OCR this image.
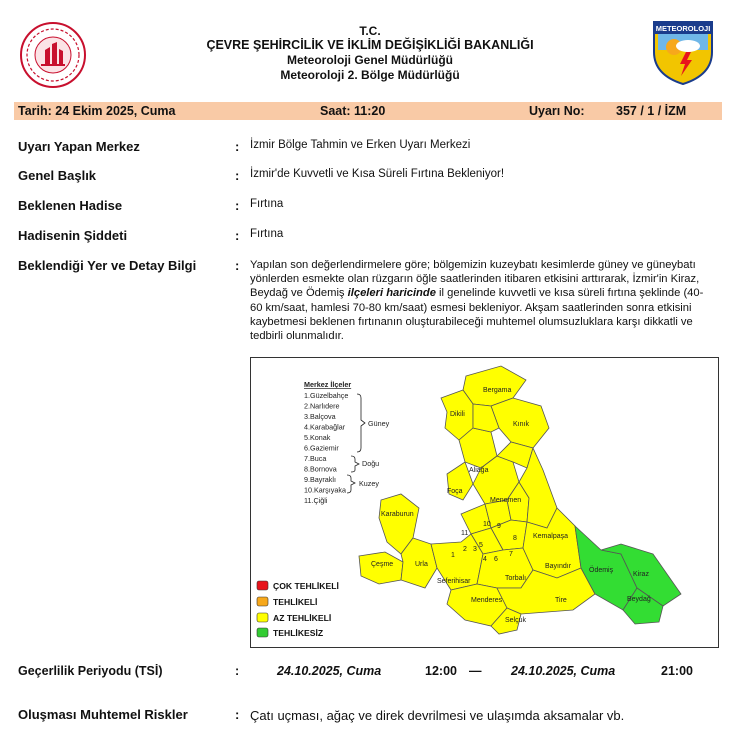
T.C.
ÇEVRE ŞEHİRCİLİK VE İKLİM DEĞİŞİKLİĞİ BAKANLIĞI
Meteoroloji Genel Müdürlüğü
Meteoroloji 2. Bölge Müdürlüğü
METEOROLOJI
Tarih: 24 Ekim 2025, Cuma	Saat: 11:20	Uyarı No:	357 / 1 / İZM
Uyarı Yapan Merkez	: İzmir Bölge Tahmin ve Erken Uyarı Merkezi
Genel Başlık	: İzmir'de Kuvvetli ve Kısa Süreli Fırtına Bekleniyor!
Beklenen Hadise	: Fırtına
Hadisenin Şiddeti	: Fırtına
Beklendiği Yer ve Detay Bilgi	: Yapılan son değerlendirmelere göre; bölgemizin kuzeybatı kesimlerde güney ve güneybatı yönlerden esmekte olan rüzgarın öğle saatlerinden itibaren etkisini arttırarak, İzmir'in Kiraz, Beydağ ve Ödemiş ilçeleri haricinde il genelinde kuvvetli ve kısa süreli fırtına şeklinde (40-60 km/saat, hamlesi 70-80 km/saat) esmesi bekleniyor. Akşam saatlerinden sonra etkisini kaybetmesi beklenen fırtınanın oluşturabileceği muhtemel olumsuzluklara karşı dikkatli ve tedbirli olunmalıdır.
Bergama
Dikili
Kınık
Aliağa
Foça
Menemen
Karaburun
Kemalpaşa
Bayındır
Çeşme	Urla
Seferihisar	Torbalı
Menderes	Tire
Selçuk
Ödemiş
Kiraz
Beydağ
11
10 9
8
7
6
5
4
3
2
1
Merkez İlçeler
1.Güzelbahçe
2.Narlıdere
3.Balçova
4.Karabağlar
5.Konak
6.Gaziemir
7.Buca
8.Bornova
9.Bayraklı
10.Karşıyaka
11.Çiğli
Güney
Doğu
Kuzey
ÇOK TEHLİKELİ
TEHLİKELİ
AZ TEHLİKELİ
TEHLİKESİZ
Geçerlilik Periyodu (TSİ)	:	24.10.2025, Cuma	12:00 — 24.10.2025, Cuma	21:00
Oluşması Muhtemel Riskler	: Çatı uçması, ağaç ve direk devrilmesi ve ulaşımda aksamalar vb.
